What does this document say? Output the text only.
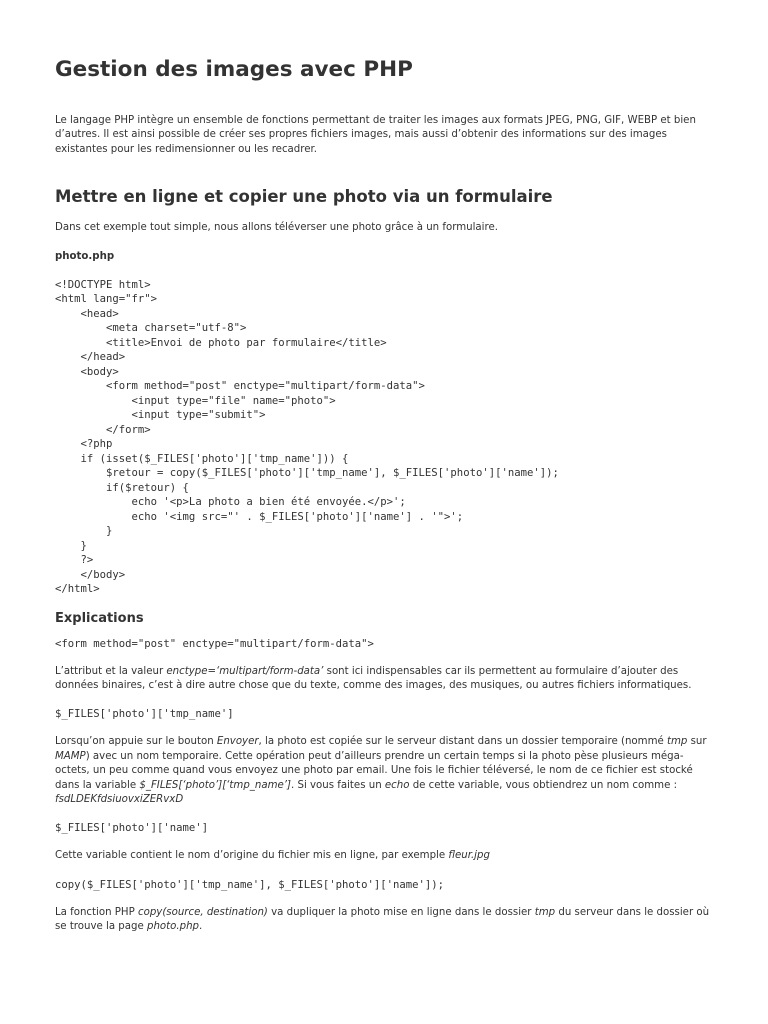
Gestion des images avec PHP

Le langage PHP intègre un ensemble de fonctions permettant de traiter les images aux formats JPEG, PNG, GIF, WEBP et bien d’autres. Il est ainsi possible de créer ses propres fichiers images, mais aussi d’obtenir des informations sur des images existantes pour les redimensionner ou les recadrer.

Mettre en ligne et copier une photo via un formulaire

Dans cet exemple tout simple, nous allons téléverser une photo grâce à un formulaire.

photo.php
<!DOCTYPE html>
<html lang="fr">
<head>
<meta charset="utf-8">
<title>Envoi de photo par formulaire</title>
</head>
<body>
<form method="post" enctype="multipart/form-data">
<input type="file" name="photo">
<input type="submit">
</form>
<?php
if (isset($_FILES['photo']['tmp_name'])) {
$retour = copy($_FILES['photo']['tmp_name'], $_FILES['photo']['name']);
if($retour) {
echo '<p>La photo a bien été envoyée.</p>';
echo '<img src="' . $_FILES['photo']['name'] . '">';
}
}
?>
</body>
</html>
Explications
<form method="post" enctype="multipart/form-data">

L’attribut et la valeur enctype=‘multipart/form-data’ sont ici indispensables car ils permettent au formulaire d’ajouter des données binaires, c’est à dire autre chose que du texte, comme des images, des musiques, ou autres fichiers informatiques.

$_FILES['photo']['tmp_name']

Lorsqu’on appuie sur le bouton Envoyer, la photo est copiée sur le serveur distant dans un dossier temporaire (nommé tmp sur MAMP) avec un nom temporaire. Cette opération peut d’ailleurs prendre un certain temps si la photo pèse plusieurs méga-octets, un peu comme quand vous envoyez une photo par email. Une fois le fichier téléversé, le nom de ce fichier est stocké dans la variable $_FILES[‘photo’][‘tmp_name’]. Si vous faites un echo de cette variable, vous obtiendrez un nom comme : fsdLDEKfdsiuovxiZERvxD

$_FILES['photo']['name']

Cette variable contient le nom d’origine du fichier mis en ligne, par exemple fleur.jpg

copy($_FILES['photo']['tmp_name'], $_FILES['photo']['name']);

La fonction PHP copy(source, destination) va dupliquer la photo mise en ligne dans le dossier tmp du serveur dans le dossier où se trouve la page photo.php.
